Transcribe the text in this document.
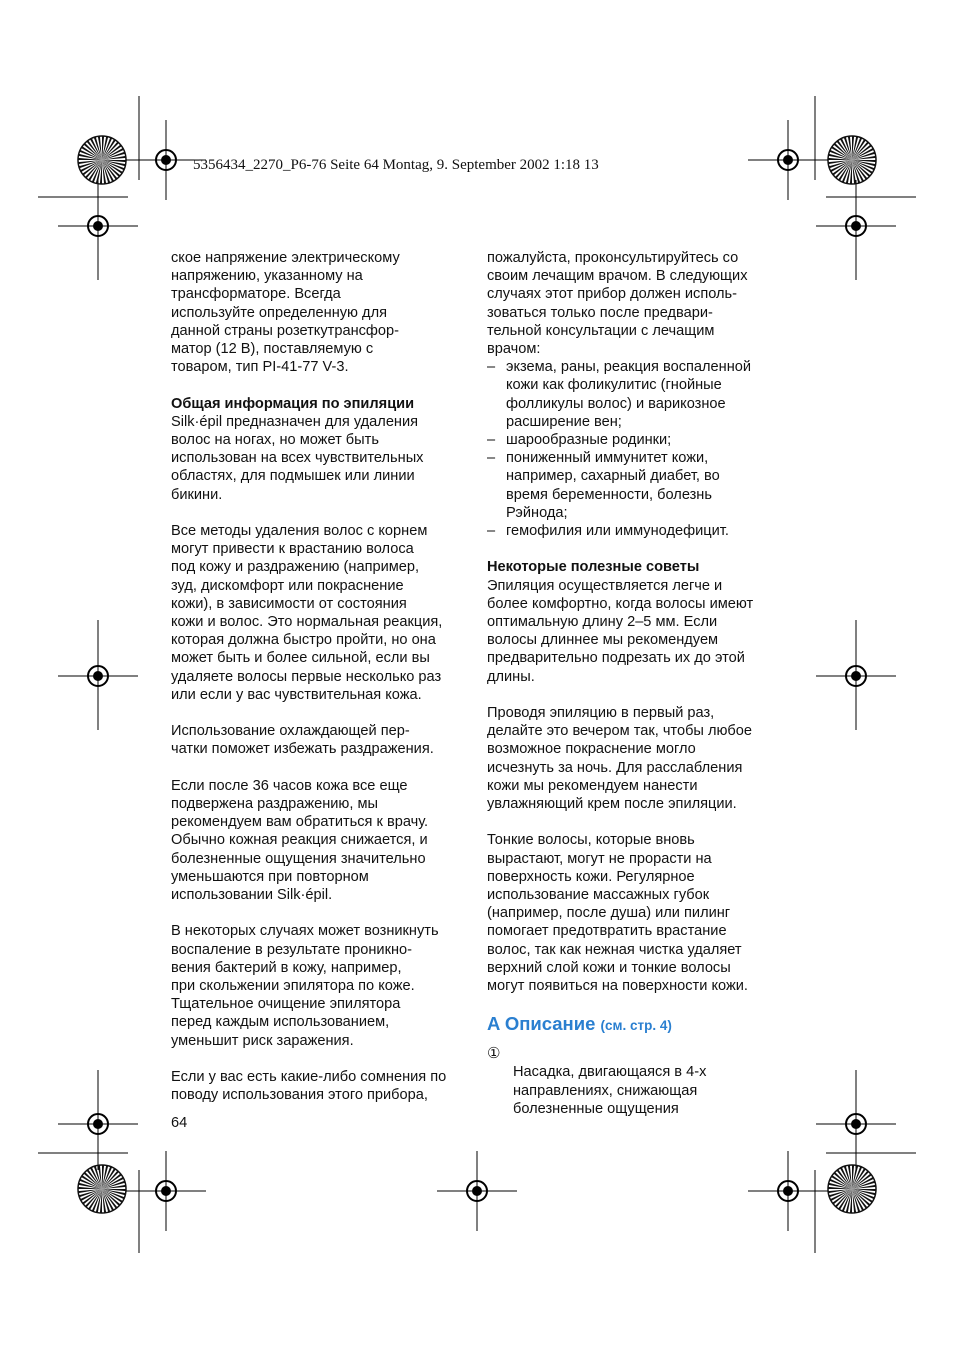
5356434_2270_P6-76 Seite 64 Montag, 9. September 2002 1:18 13

ское напряжение электрическому
напряжению, указанному на
трансформаторе. Всегда
используйте определенную для
данной страны розеткутрансфор-
матор (12 В), поставляемую с
товаром, тип PI-41-77 V-3.

Общая информация по эпиляции

Silk·épil предназначен для удаления
волос на ногах, но может быть
использован на всех чувствительных
областях, для подмышек или линии
бикини.

Все методы удаления волос с корнем
могут привести к врастанию волоса
под кожу и раздражению (например,
зуд, дискомфорт или покраснение
кожи), в зависимости от состояния
кожи и волос. Это нормальная реакция,
которая должна быстро пройти, но она
может быть и более сильной, если вы
удаляете волосы первые несколько раз
или если у вас чувствительная кожа.

Использование охлаждающей пер-
чатки поможет избежать раздражения.

Если после 36 часов кожа все еще
подвержена раздражению, мы
рекомендуем вам обратиться к врачу.
Обычно кожная реакция снижается, и
болезненные ощущения значительно
уменьшаются при повторном
использовании Silk·épil.

В некоторых случаях может возникнуть
воспаление в результате проникно-
вения бактерий в кожу, например,
при скольжении эпилятора по коже.
Тщательное очищение эпилятора
перед каждым использованием,
уменьшит риск заражения.

Если у вас есть какие-либо сомнения по
поводу использования этого прибора,

пожалуйста, проконсультируйтесь со
своим лечащим врачом. В следующих
случаях этот прибор должен исполь-
зоваться только после предвари-
тельной консультации с лечащим
врачом:

– экзема, раны, реакция воспаленной
кожи как фоликулитис (гнойные
фолликулы волос) и варикозное
расширение вен;
– шарообразные родинки;
– пониженный иммунитет кожи,
например, сахарный диабет, во
время беременности, болезнь
Рэйнода;
– гемофилия или иммунодефицит.
Некоторые полезные советы

Эпиляция осуществляется легче и
более комфортно, когда волосы имеют
оптимальную длину 2–5 мм. Если
волосы длиннее мы рекомендуем
предварительно подрезать их до этой
длины.

Проводя эпиляцию в первый раз,
делайте это вечером так, чтобы любое
возможное покраснение могло
исчезнуть за ночь. Для расслабления
кожи мы рекомендуем нанести
увлажняющий крем после эпиляции.

Тонкие волосы, которые вновь
вырастают, могут не прорасти на
поверхность кожи. Регулярное
использование массажных губок
(например, после душа) или пилинг
помогает предотвратить врастание
волос, так как нежная чистка удаляет
верхний слой кожи и тонкие волосы
могут появиться на поверхности кожи.

A Описание (см. стр. 4)

①
Насадка, двигающаяся в 4-х
направлениях, снижающая
болезненные ощущения

64
